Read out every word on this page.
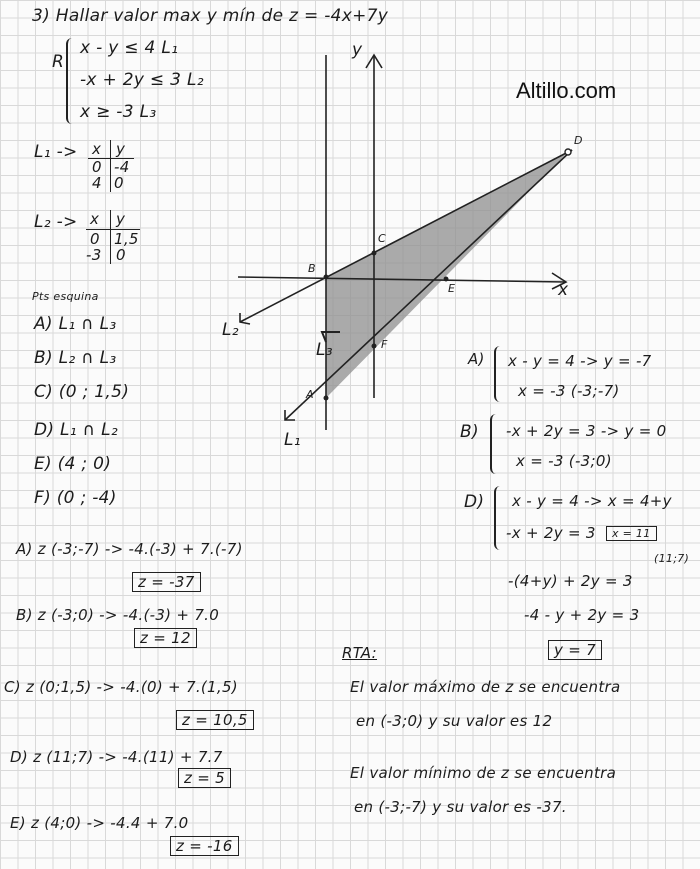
y
x
A
B
C
D
E
F
L₁
L₂
L₃
3) Hallar valor max y mín de z = -4x+7y
Altillo.com
R
x - y ≤ 4 L₁
-x + 2y ≤ 3 L₂
x ≥ -3 L₃
L₁ -> x y
0 -4
4 0
L₂ -> x y
0 1,5
-3 0
Pts esquina
A) L₁ ∩ L₃
B) L₂ ∩ L₃
C) (0 ; 1,5)
D) L₁ ∩ L₂
E) (4 ; 0)
F) (0 ; -4)
A) z (-3;-7) -> -4.(-3) + 7.(-7)
z = -37
B) z (-3;0) -> -4.(-3) + 7.0
z = 12
C) z (0;1,5) -> -4.(0) + 7.(1,5)
z = 10,5
D) z (11;7) -> -4.(11) + 7.7
z = 5
E) z (4;0) -> -4.4 + 7.0
z = -16
A) x - y = 4 -> y = -7
x = -3 (-3;-7)
B) -x + 2y = 3 -> y = 0
x = -3 (-3;0)
D) x - y = 4 -> x = 4+y
-x + 2y = 3	x = 11
(11;7)
-(4+y) + 2y = 3
-4 - y + 2y = 3
y = 7
RTA:
El valor máximo de z se encuentra
en (-3;0) y su valor es 12
El valor mínimo de z se encuentra
en (-3;-7) y su valor es -37.
